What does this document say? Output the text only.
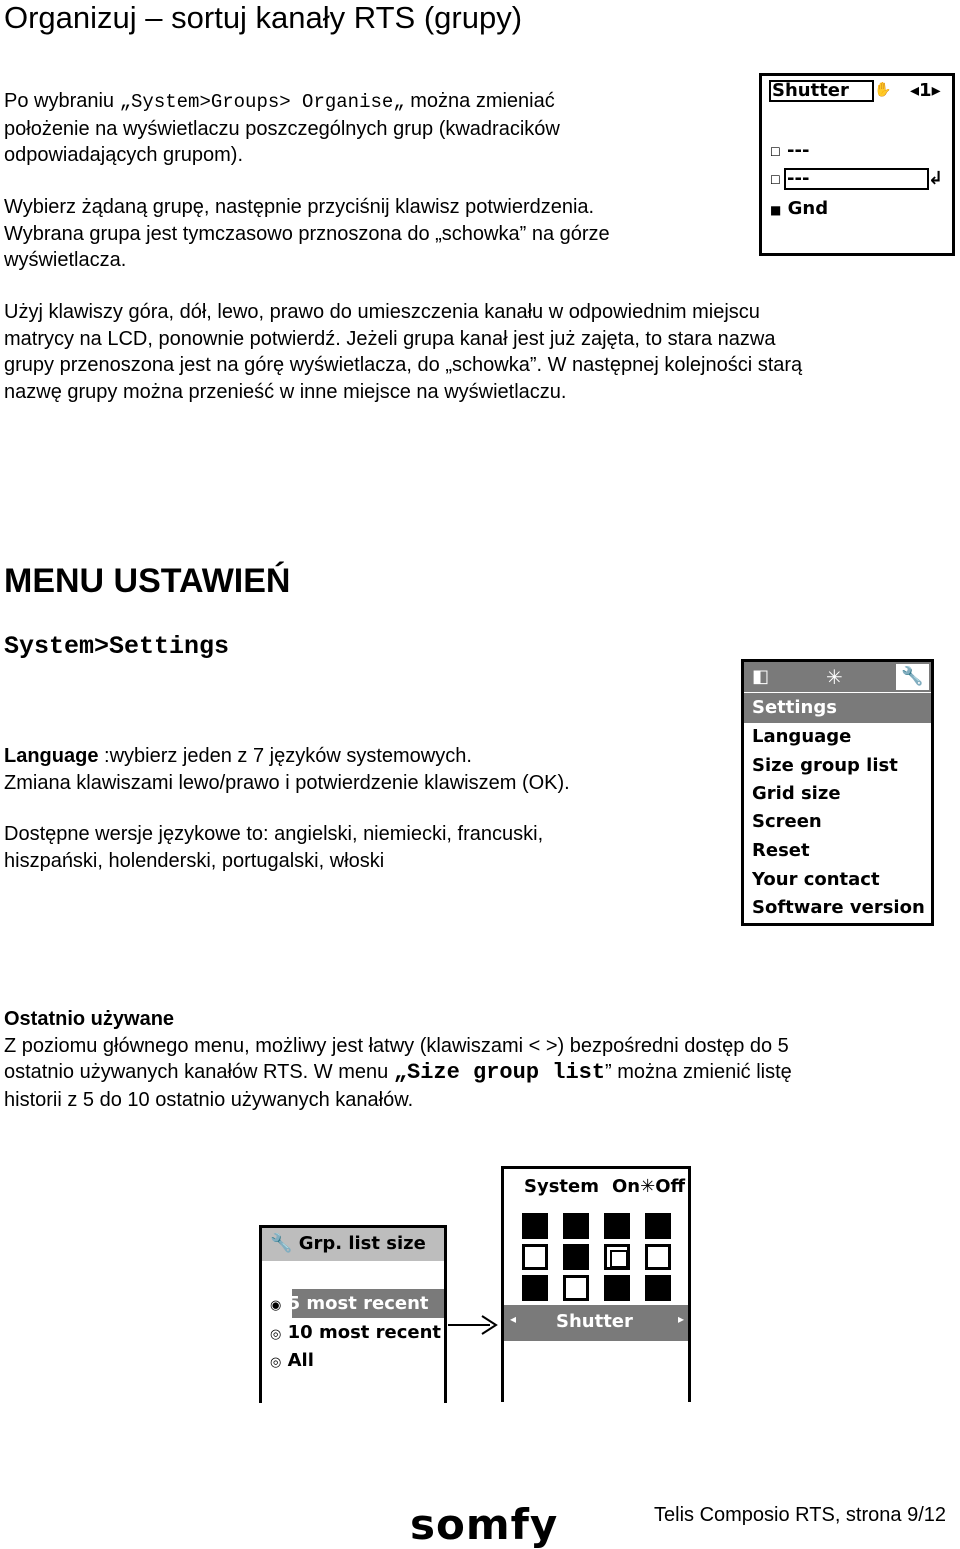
Organizuj – sortuj kanały RTS (grupy)
Po wybraniu „System>Groups> Organise„ można zmieniać
położenie na wyświetlaczu poszczególnych grup (kwadracików
odpowiadających grupom).
Wybierz żądaną grupę, następnie przyciśnij klawisz potwierdzenia.
Wybrana grupa jest tymczasowo prznoszona do „schowka” na górze
wyświetlacza.
Użyj klawiszy góra, dół, lewo, prawo do umieszczenia kanału w odpowiednim miejscu
matrycy na LCD, ponownie potwierdź. Jeżeli grupa kanał jest już zajęta, to stara nazwa
grupy przenoszona jest na górę wyświetlacza, do „schowka”. W następnej kolejności starą
nazwę grupy można przenieść w inne miejsce na wyświetlaczu.
Shutter ✋ ◂1▸
☐ ---
☐ ---	↲
■ Gnd
MENU USTAWIEŃ
System>Settings
Language :wybierz jeden z 7 języków systemowych.
Zmiana klawiszami lewo/prawo i potwierdzenie klawiszem (OK).
Dostępne wersje językowe to: angielski, niemiecki, francuski,
hiszpański, holenderski, portugalski, włoski
◧	✳	🔧
Settings
Language
Size group list
Grid size
Screen
Reset
Your contact
Software version
Ostatnio używane
Z poziomu głównego menu, możliwy jest łatwy (klawiszami < >) bezpośredni dostęp do 5
ostatnio używanych kanałów RTS. W menu „Size group list” można zmienić listę
historii z 5 do 10 ostatnio używanych kanałów.
🔧 Grp. list size
◉ 5 most recent
◎ 10 most recent
◎ All
System On✳Off
◂ Shutter	▸
somfy	Telis Composio RTS, strona 9/12
